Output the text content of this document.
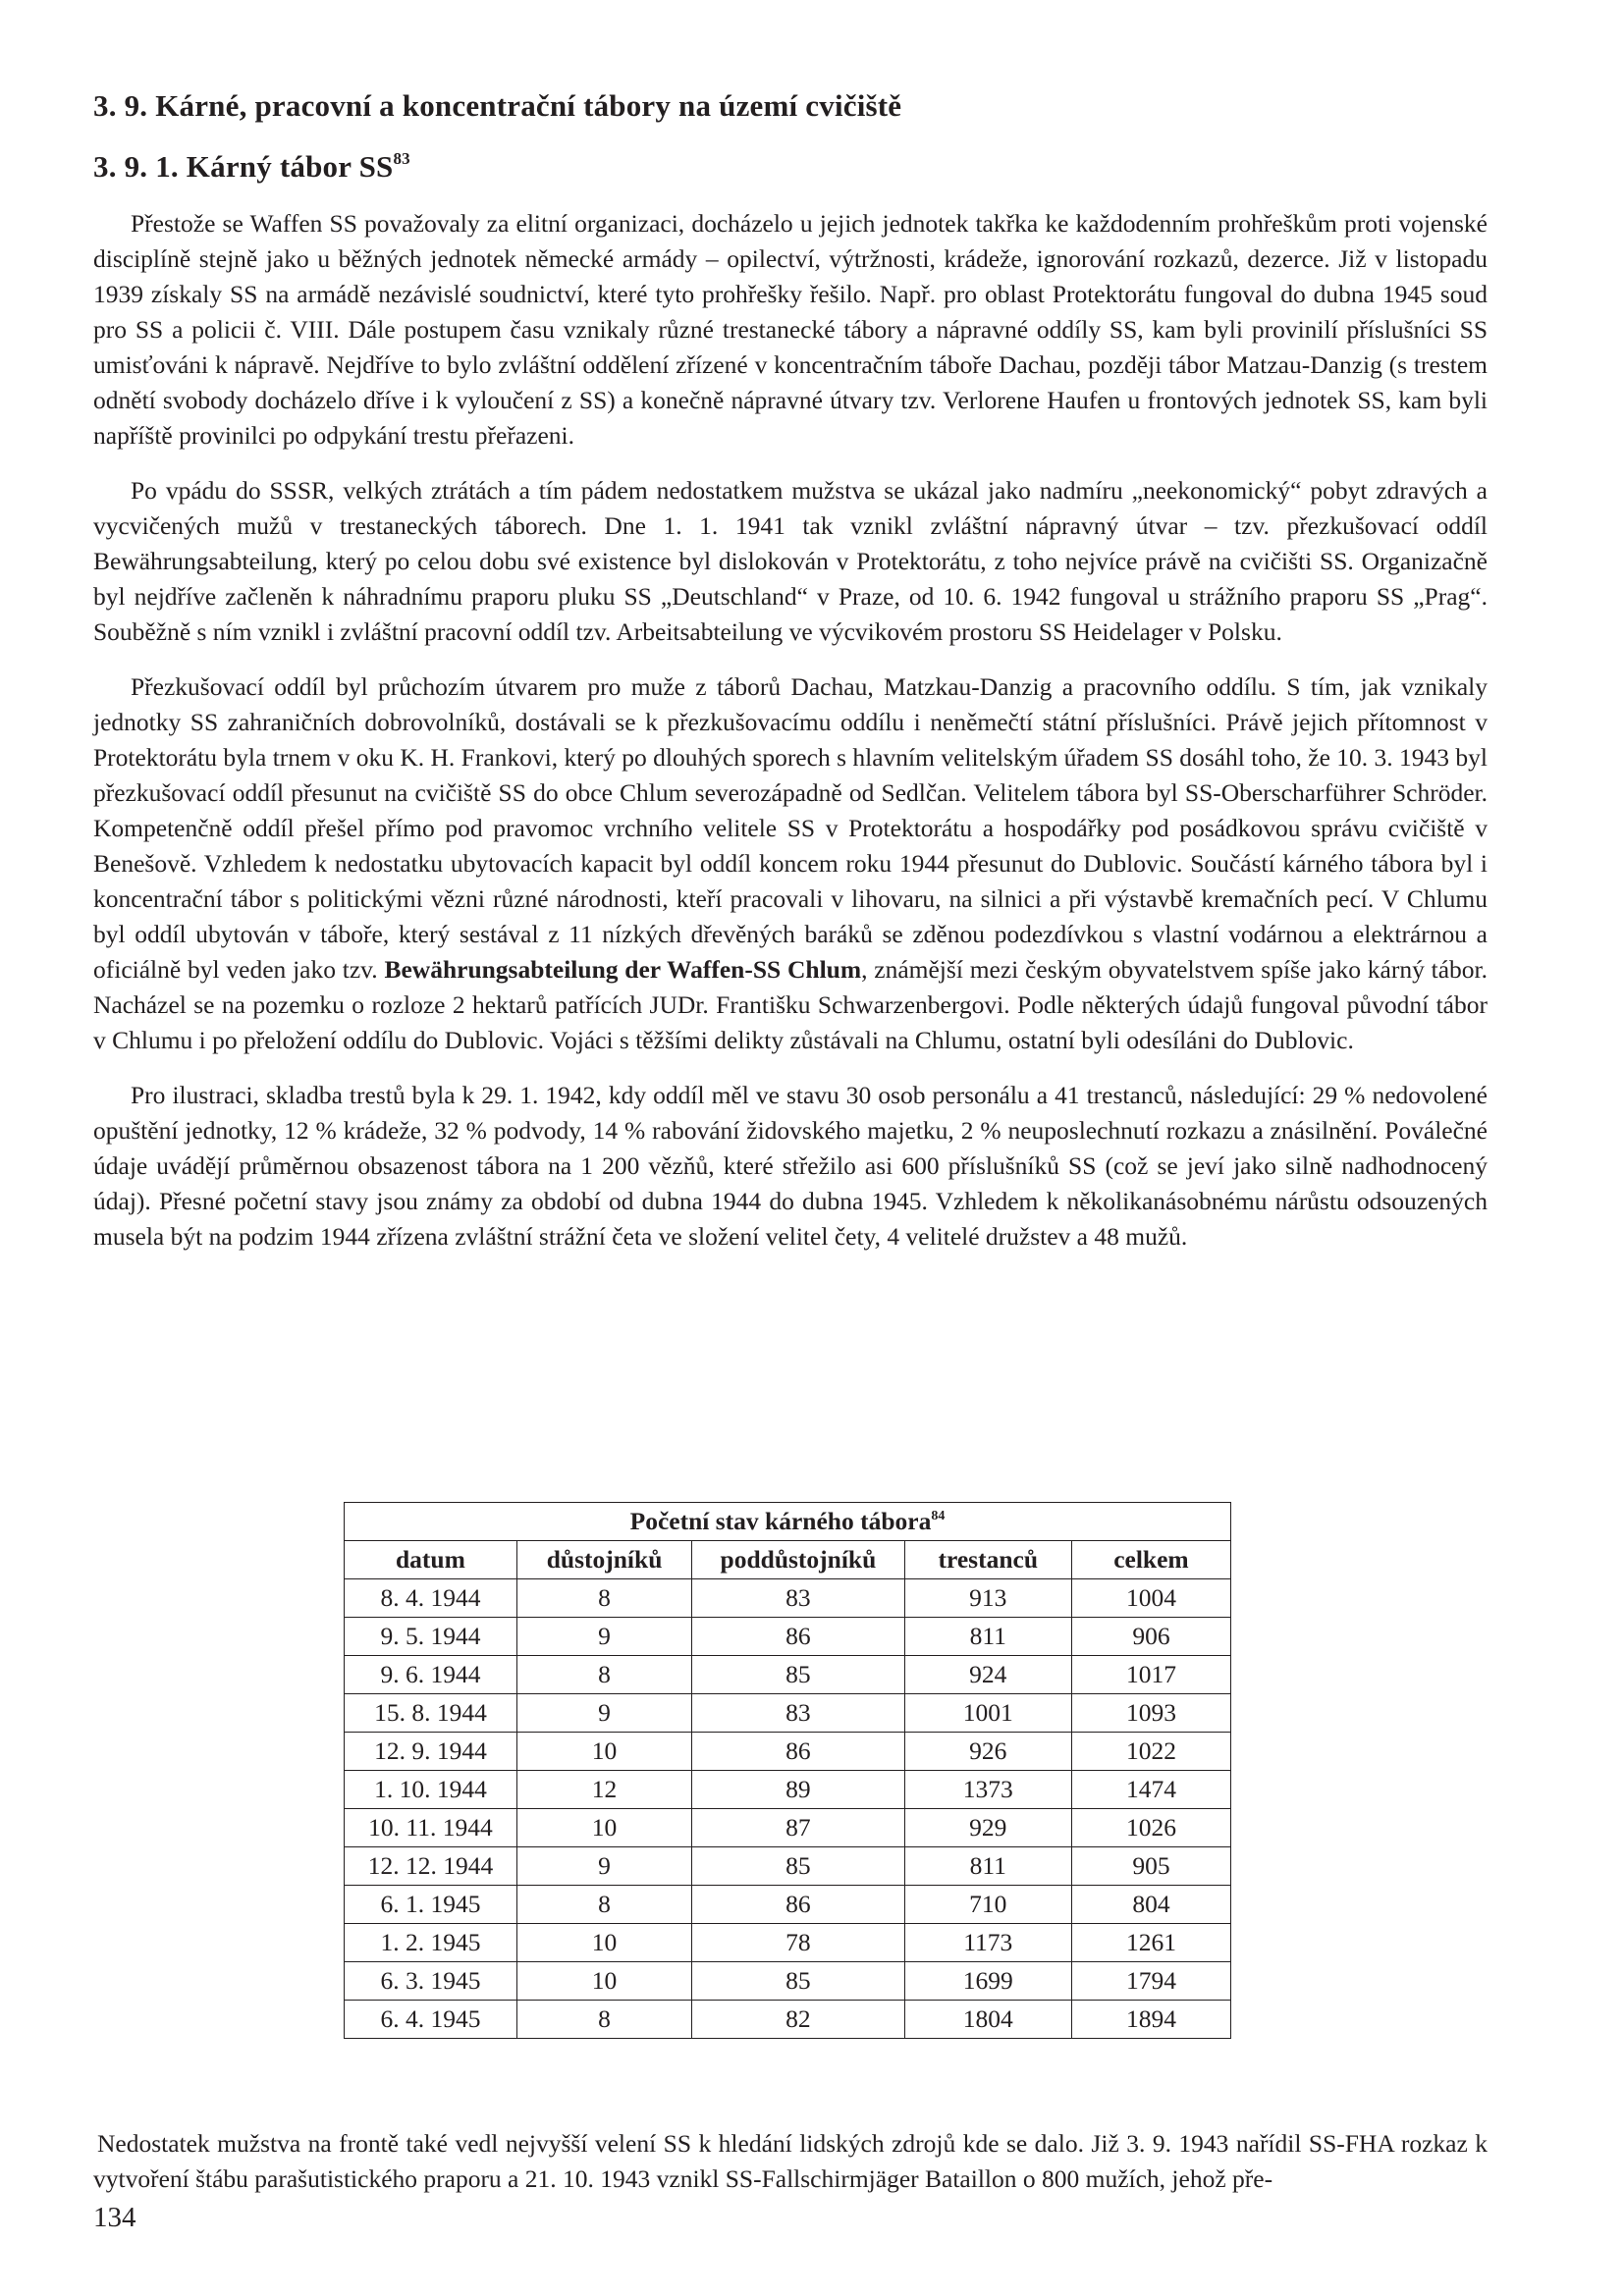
3. 9. Kárné, pracovní a koncentrační tábory na území cvičiště
3. 9. 1. Kárný tábor SS$^{83}$

Přestože se Waffen SS považovaly za elitní organizaci, docházelo u jejich jednotek takřka ke každodenním prohřeškům proti vojenské disciplíně stejně jako u běžných jednotek německé armády – opilectví, výtržnosti, krádeže, ignorování rozkazů, dezerce. Již v listopadu 1939 získaly SS na armádě nezávislé soudnictví, které tyto prohřešky řešilo. Např. pro oblast Protektorátu fungoval do dubna 1945 soud pro SS a policii č. VIII. Dále postupem času vznikaly různé trestanecké tábory a nápravné oddíly SS, kam byli provinilí příslušníci SS umisťováni k nápravě. Nejdříve to bylo zvláštní oddělení zřízené v koncentračním táboře Dachau, později tábor Matzau-Danzig (s trestem odnětí svobody docházelo dříve i k vyloučení z SS) a konečně nápravné útvary tzv. Verlorene Haufen u frontových jednotek SS, kam byli napříště provinilci po odpykání trestu přeřazeni.

Po vpádu do SSSR, velkých ztrátách a tím pádem nedostatkem mužstva se ukázal jako nadmíru „neekonomický“ pobyt zdravých a vycvičených mužů v trestaneckých táborech. Dne 1. 1. 1941 tak vznikl zvláštní nápravný útvar – tzv. přezkušovací oddíl Bewährungsabteilung, který po celou dobu své existence byl dislokován v Protektorátu, z toho nejvíce právě na cvičišti SS. Organizačně byl nejdříve začleněn k náhradnímu praporu pluku SS „Deutschland“ v Praze, od 10. 6. 1942 fungoval u strážního praporu SS „Prag“. Souběžně s ním vznikl i zvláštní pracovní oddíl tzv. Arbeitsabteilung ve výcvikovém prostoru SS Heidelager v Polsku.

Přezkušovací oddíl byl průchozím útvarem pro muže z táborů Dachau, Matzkau-Danzig a pracovního oddílu. S tím, jak vznikaly jednotky SS zahraničních dobrovolníků, dostávali se k přezkušovacímu oddílu i neněmečtí státní příslušníci. Právě jejich přítomnost v Protektorátu byla trnem v oku K. H. Frankovi, který po dlouhých sporech s hlavním velitelským úřadem SS dosáhl toho, že 10. 3. 1943 byl přezkušovací oddíl přesunut na cvičiště SS do obce Chlum severozápadně od Sedlčan. Velitelem tábora byl SS-Oberscharführer Schröder. Kompetenčně oddíl přešel přímo pod pravomoc vrchního velitele SS v Protektorátu a hospodářky pod posádkovou správu cvičiště v Benešově. Vzhledem k nedostatku ubytovacích kapacit byl oddíl koncem roku 1944 přesunut do Dublovic. Součástí kárného tábora byl i koncentrační tábor s politickými vězni různé národnosti, kteří pracovali v lihovaru, na silnici a při výstavbě kremačních pecí. V Chlumu byl oddíl ubytován v táboře, který sestával z 11 nízkých dřevěných baráků se zděnou podezdívkou s vlastní vodárnou a elektrárnou a oficiálně byl veden jako tzv. Bewährungsabteilung der Waffen-SS Chlum, známější mezi českým obyvatelstvem spíše jako kárný tábor. Nacházel se na pozemku o rozloze 2 hektarů patřících JUDr. Františku Schwarzenbergovi. Podle některých údajů fungoval původní tábor v Chlumu i po přeložení oddílu do Dublovic. Vojáci s těžšími delikty zůstávali na Chlumu, ostatní byli odesíláni do Dublovic.

Pro ilustraci, skladba trestů byla k 29. 1. 1942, kdy oddíl měl ve stavu 30 osob personálu a 41 trestanců, následující: 29 % nedovolené opuštění jednotky, 12 % krádeže, 32 % podvody, 14 % rabování židovského majetku, 2 % neuposlechnutí rozkazu a znásilnění. Poválečné údaje uvádějí průměrnou obsazenost tábora na 1 200 vězňů, které střežilo asi 600 příslušníků SS (což se jeví jako silně nadhodnocený údaj). Přesné početní stavy jsou známy za období od dubna 1944 do dubna 1945. Vzhledem k několikanásobnému nárůstu odsouzených musela být na podzim 1944 zřízena zvláštní strážní četa ve složení velitel čety, 4 velitelé družstev a 48 mužů.

Početní stav kárného tábora$^{84}$
datum	důstojníků	poddůstojníků	trestanců	celkem
8. 4. 1944	8	83	913	1004
9. 5. 1944	9	86	811	906
9. 6. 1944	8	85	924	1017
15. 8. 1944	9	83	1001	1093
12. 9. 1944	10	86	926	1022
1. 10. 1944	12	89	1373	1474
10. 11. 1944	10	87	929	1026
12. 12. 1944	9	85	811	905
6. 1. 1945	8	86	710	804
1. 2. 1945	10	78	1173	1261
6. 3. 1945	10	85	1699	1794
6. 4. 1945	8	82	1804	1894

Nedostatek mužstva na frontě také vedl nejvyšší velení SS k hledání lidských zdrojů kde se dalo. Již 3. 9. 1943 nařídil SS-FHA rozkaz k vytvoření štábu parašutistického praporu a 21. 10. 1943 vznikl SS-Fallschirmjäger Bataillon o 800 mužích, jehož pře-

134
